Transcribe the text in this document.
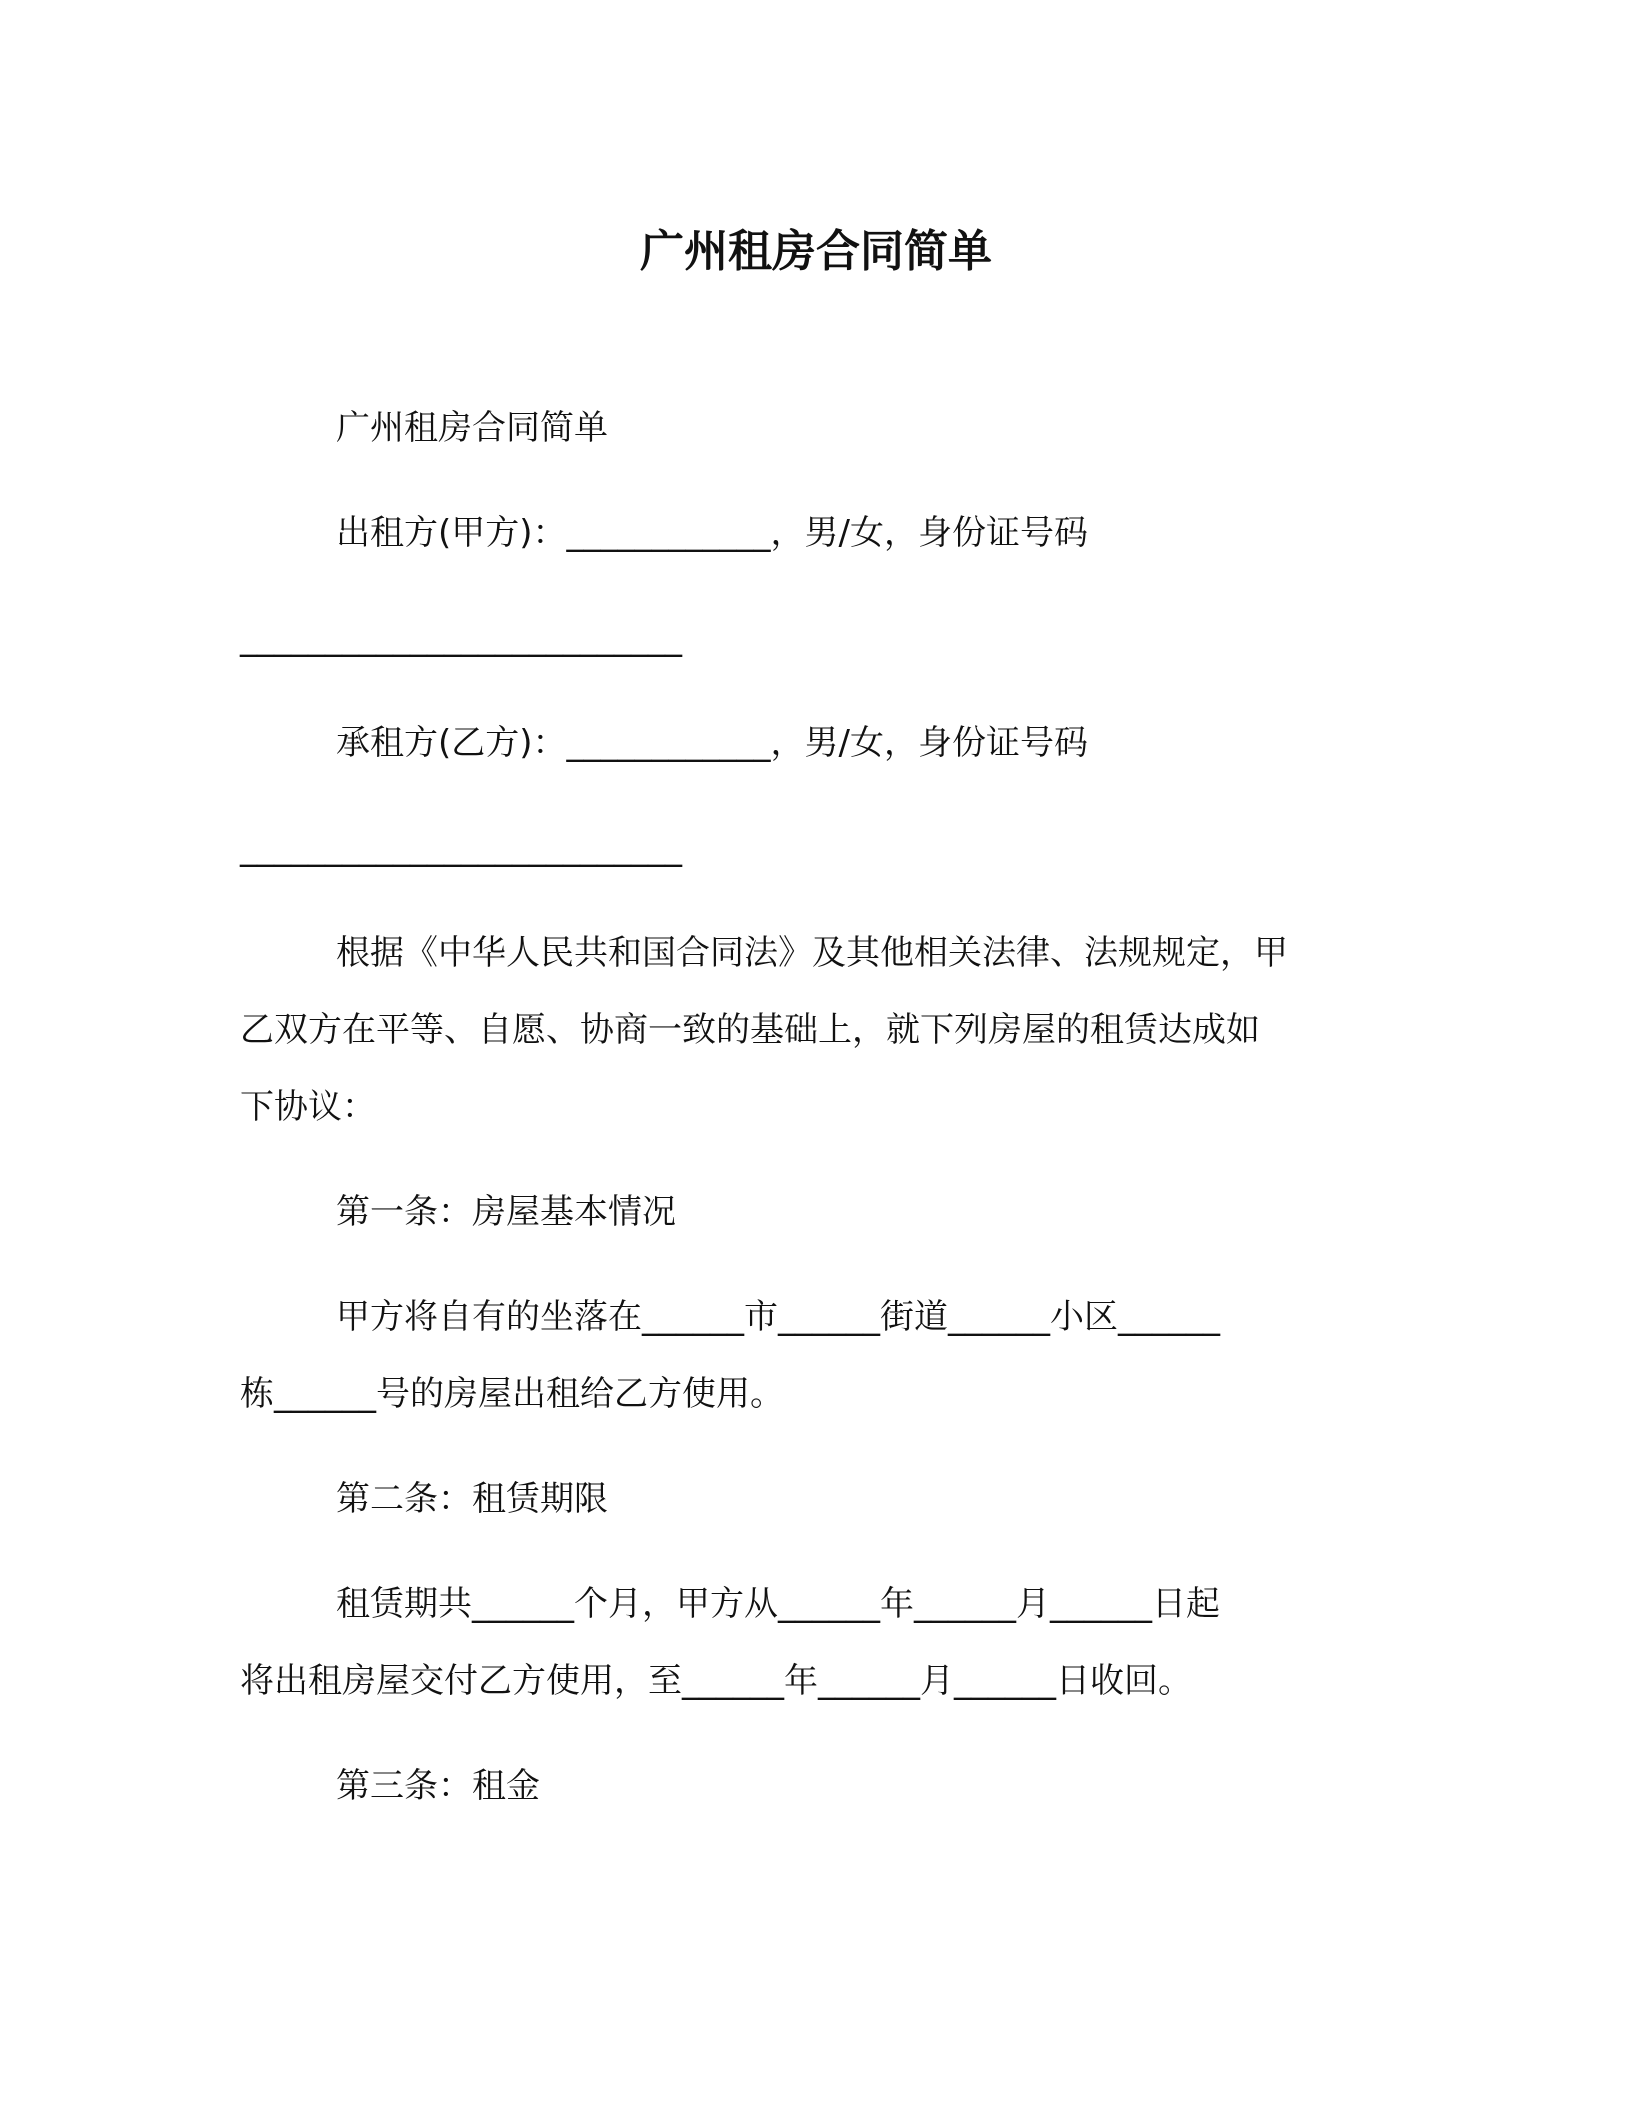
广州租房合同简单

广州租房合同简单

出租方(甲方)：____________，男/女，身份证号码

__________________________

承租方(乙方)：____________，男/女，身份证号码

__________________________

根据《中华人民共和国合同法》及其他相关法律、法规规定，甲

乙双方在平等、自愿、协商一致的基础上，就下列房屋的租赁达成如

下协议：

第一条：房屋基本情况

甲方将自有的坐落在______市______街道______小区______

栋______号的房屋出租给乙方使用。

第二条：租赁期限

租赁期共______个月，甲方从______年______月______日起

将出租房屋交付乙方使用，至______年______月______日收回。

第三条：租金
